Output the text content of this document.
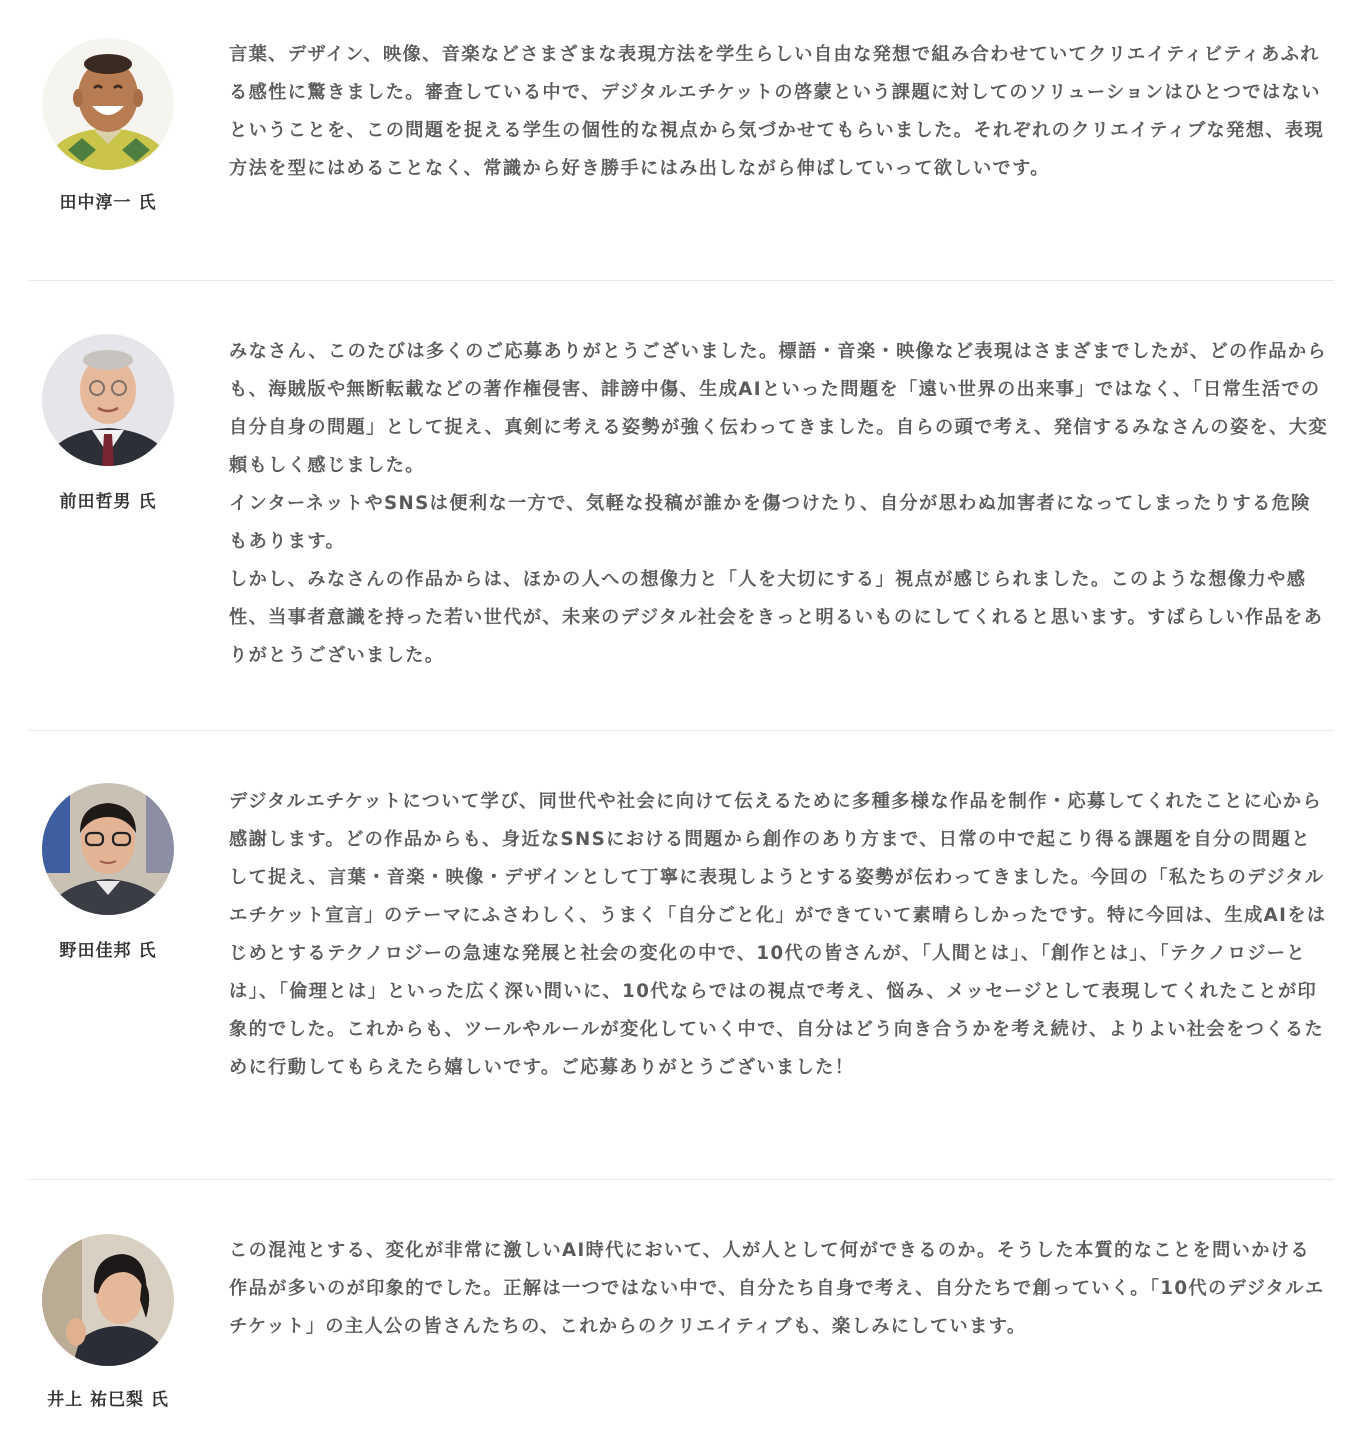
田中淳一 氏

言葉、デザイン、映像、音楽などさまざまな表現方法を学生らしい自由な発想で組み合わせていてクリエイティビティあふれる感性に驚きました。審査している中で、デジタルエチケットの啓蒙という課題に対してのソリューションはひとつではないということを、この問題を捉える学生の個性的な視点から気づかせてもらいました。それぞれのクリエイティブな発想、表現方法を型にはめることなく、常識から好き勝手にはみ出しながら伸ばしていって欲しいです。

前田哲男 氏

みなさん、このたびは多くのご応募ありがとうございました。標語・音楽・映像など表現はさまざまでしたが、どの作品からも、海賊版や無断転載などの著作権侵害、誹謗中傷、生成AIといった問題を「遠い世界の出来事」ではなく、「日常生活での自分自身の問題」として捉え、真剣に考える姿勢が強く伝わってきました。自らの頭で考え、発信するみなさんの姿を、大変頼もしく感じました。
インターネットやSNSは便利な一方で、気軽な投稿が誰かを傷つけたり、自分が思わぬ加害者になってしまったりする危険もあります。
しかし、みなさんの作品からは、ほかの人への想像力と「人を大切にする」視点が感じられました。このような想像力や感性、当事者意識を持った若い世代が、未来のデジタル社会をきっと明るいものにしてくれると思います。すばらしい作品をありがとうございました。

野田佳邦 氏

デジタルエチケットについて学び、同世代や社会に向けて伝えるために多種多様な作品を制作・応募してくれたことに心から感謝します。どの作品からも、身近なSNSにおける問題から創作のあり方まで、日常の中で起こり得る課題を自分の問題として捉え、言葉・音楽・映像・デザインとして丁寧に表現しようとする姿勢が伝わってきました。今回の「私たちのデジタルエチケット宣言」のテーマにふさわしく、うまく「自分ごと化」ができていて素晴らしかったです。特に今回は、生成AIをはじめとするテクノロジーの急速な発展と社会の変化の中で、10代の皆さんが、「人間とは」、「創作とは」、「テクノロジーとは」、「倫理とは」といった広く深い問いに、10代ならではの視点で考え、悩み、メッセージとして表現してくれたことが印象的でした。これからも、ツールやルールが変化していく中で、自分はどう向き合うかを考え続け、よりよい社会をつくるために行動してもらえたら嬉しいです。ご応募ありがとうございました！

井上 祐巳梨 氏

この混沌とする、変化が非常に激しいAI時代において、人が人として何ができるのか。そうした本質的なことを問いかける作品が多いのが印象的でした。正解は一つではない中で、自分たち自身で考え、自分たちで創っていく。「10代のデジタルエチケット」の主人公の皆さんたちの、これからのクリエイティブも、楽しみにしています。
